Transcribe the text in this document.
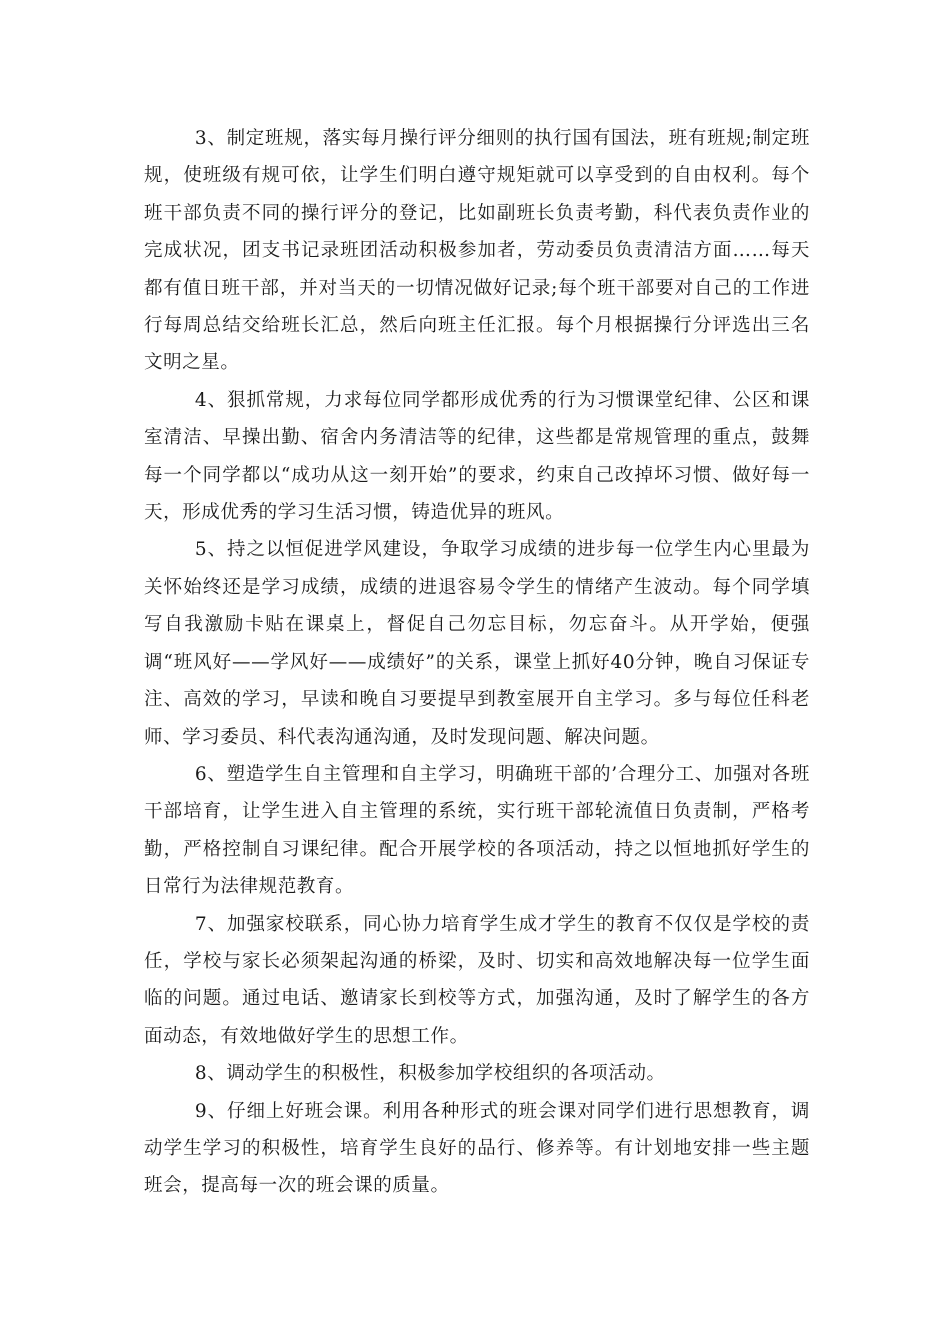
3、制定班规，落实每月操行评分细则的执行国有国法，班有班规;制定班规，使班级有规可依，让学生们明白遵守规矩就可以享受到的自由权利。每个班干部负责不同的操行评分的登记，比如副班长负责考勤，科代表负责作业的完成状况，团支书记录班团活动积极参加者，劳动委员负责清洁方面……每天都有值日班干部，并对当天的一切情况做好记录;每个班干部要对自己的工作进行每周总结交给班长汇总，然后向班主任汇报。每个月根据操行分评选出三名文明之星。

4、狠抓常规，力求每位同学都形成优秀的行为习惯课堂纪律、公区和课室清洁、早操出勤、宿舍内务清洁等的纪律，这些都是常规管理的重点，鼓舞每一个同学都以“成功从这一刻开始”的要求，约束自己改掉坏习惯、做好每一天，形成优秀的学习生活习惯，铸造优异的班风。

5、持之以恒促进学风建设，争取学习成绩的进步每一位学生内心里最为关怀始终还是学习成绩，成绩的进退容易令学生的情绪产生波动。每个同学填写自我激励卡贴在课桌上，督促自己勿忘目标，勿忘奋斗。从开学始，便强调“班风好——学风好——成绩好”的关系，课堂上抓好40分钟，晚自习保证专注、高效的学习，早读和晚自习要提早到教室展开自主学习。多与每位任科老师、学习委员、科代表沟通沟通，及时发现问题、解决问题。

6、塑造学生自主管理和自主学习，明确班干部的’合理分工、加强对各班干部培育，让学生进入自主管理的系统，实行班干部轮流值日负责制，严格考勤，严格控制自习课纪律。配合开展学校的各项活动，持之以恒地抓好学生的日常行为法律规范教育。

7、加强家校联系，同心协力培育学生成才学生的教育不仅仅是学校的责任，学校与家长必须架起沟通的桥梁，及时、切实和高效地解决每一位学生面临的问题。通过电话、邀请家长到校等方式，加强沟通，及时了解学生的各方面动态，有效地做好学生的思想工作。

8、调动学生的积极性，积极参加学校组织的各项活动。

9、仔细上好班会课。利用各种形式的班会课对同学们进行思想教育，调动学生学习的积极性，培育学生良好的品行、修养等。有计划地安排一些主题班会，提高每一次的班会课的质量。
